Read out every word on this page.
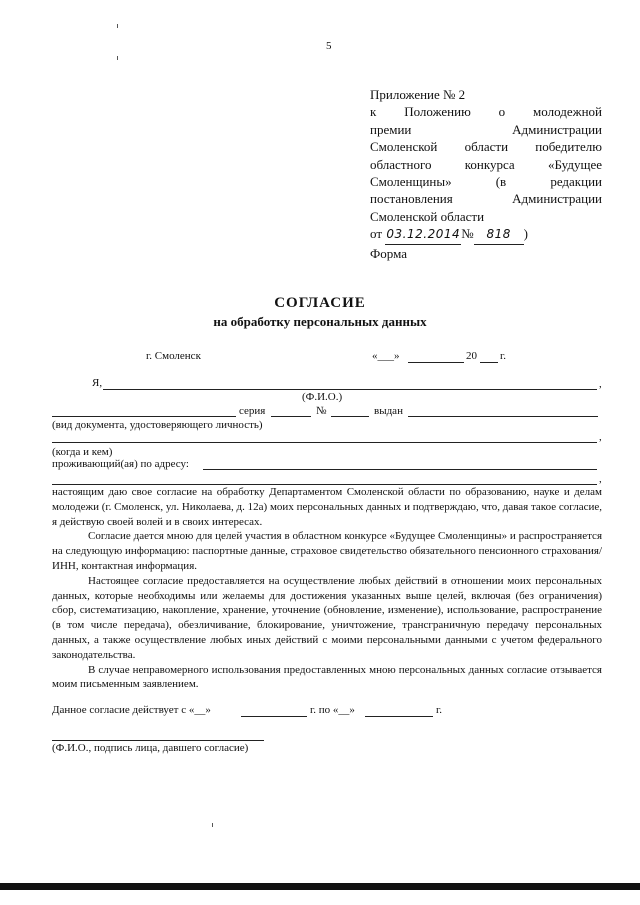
5
Приложение № 2
к Положению о молодежной
премии Администрации
Смоленской области победителю
областного конкурса «Будущее
Смоленщины» (в редакции
постановления Администрации
Смоленской области
от 03.12.2014№ 818 )
Форма
СОГЛАСИЕ
на обработку персональных данных
г. Смоленск	«___»	20 г.
Я,	,
(Ф.И.О.)
серия	№	выдан
(вид документа, удостоверяющего личность)
,
(когда и кем)
проживающий(ая) по адресу:
,

настоящим даю свое согласие на обработку Департаментом Смоленской области по образованию, науке и делам молодежи (г. Смоленск, ул. Николаева, д. 12а) моих персональных данных и подтверждаю, что, давая такое согласие, я действую своей волей и в своих интересах.

Согласие дается мною для целей участия в областном конкурсе «Будущее Смоленщины» и распространяется на следующую информацию: паспортные данные, страховое свидетельство обязательного пенсионного страхования/ИНН, контактная информация.

Настоящее согласие предоставляется на осуществление любых действий в отношении моих персональных данных, которые необходимы или желаемы для достижения указанных выше целей, включая (без ограничения) сбор, систематизацию, накопление, хранение, уточнение (обновление, изменение), использование, распространение (в том числе передача), обезличивание, блокирование, уничтожение, трансграничную передачу персональных данных, а также осуществление любых иных действий с моими персональными данными с учетом федерального законодательства.

В случае неправомерного использования предоставленных мною персональных данных согласие отзывается моим письменным заявлением.

Данное согласие действует с «__»	г. по «__»	г.
(Ф.И.О., подпись лица, давшего согласие)
